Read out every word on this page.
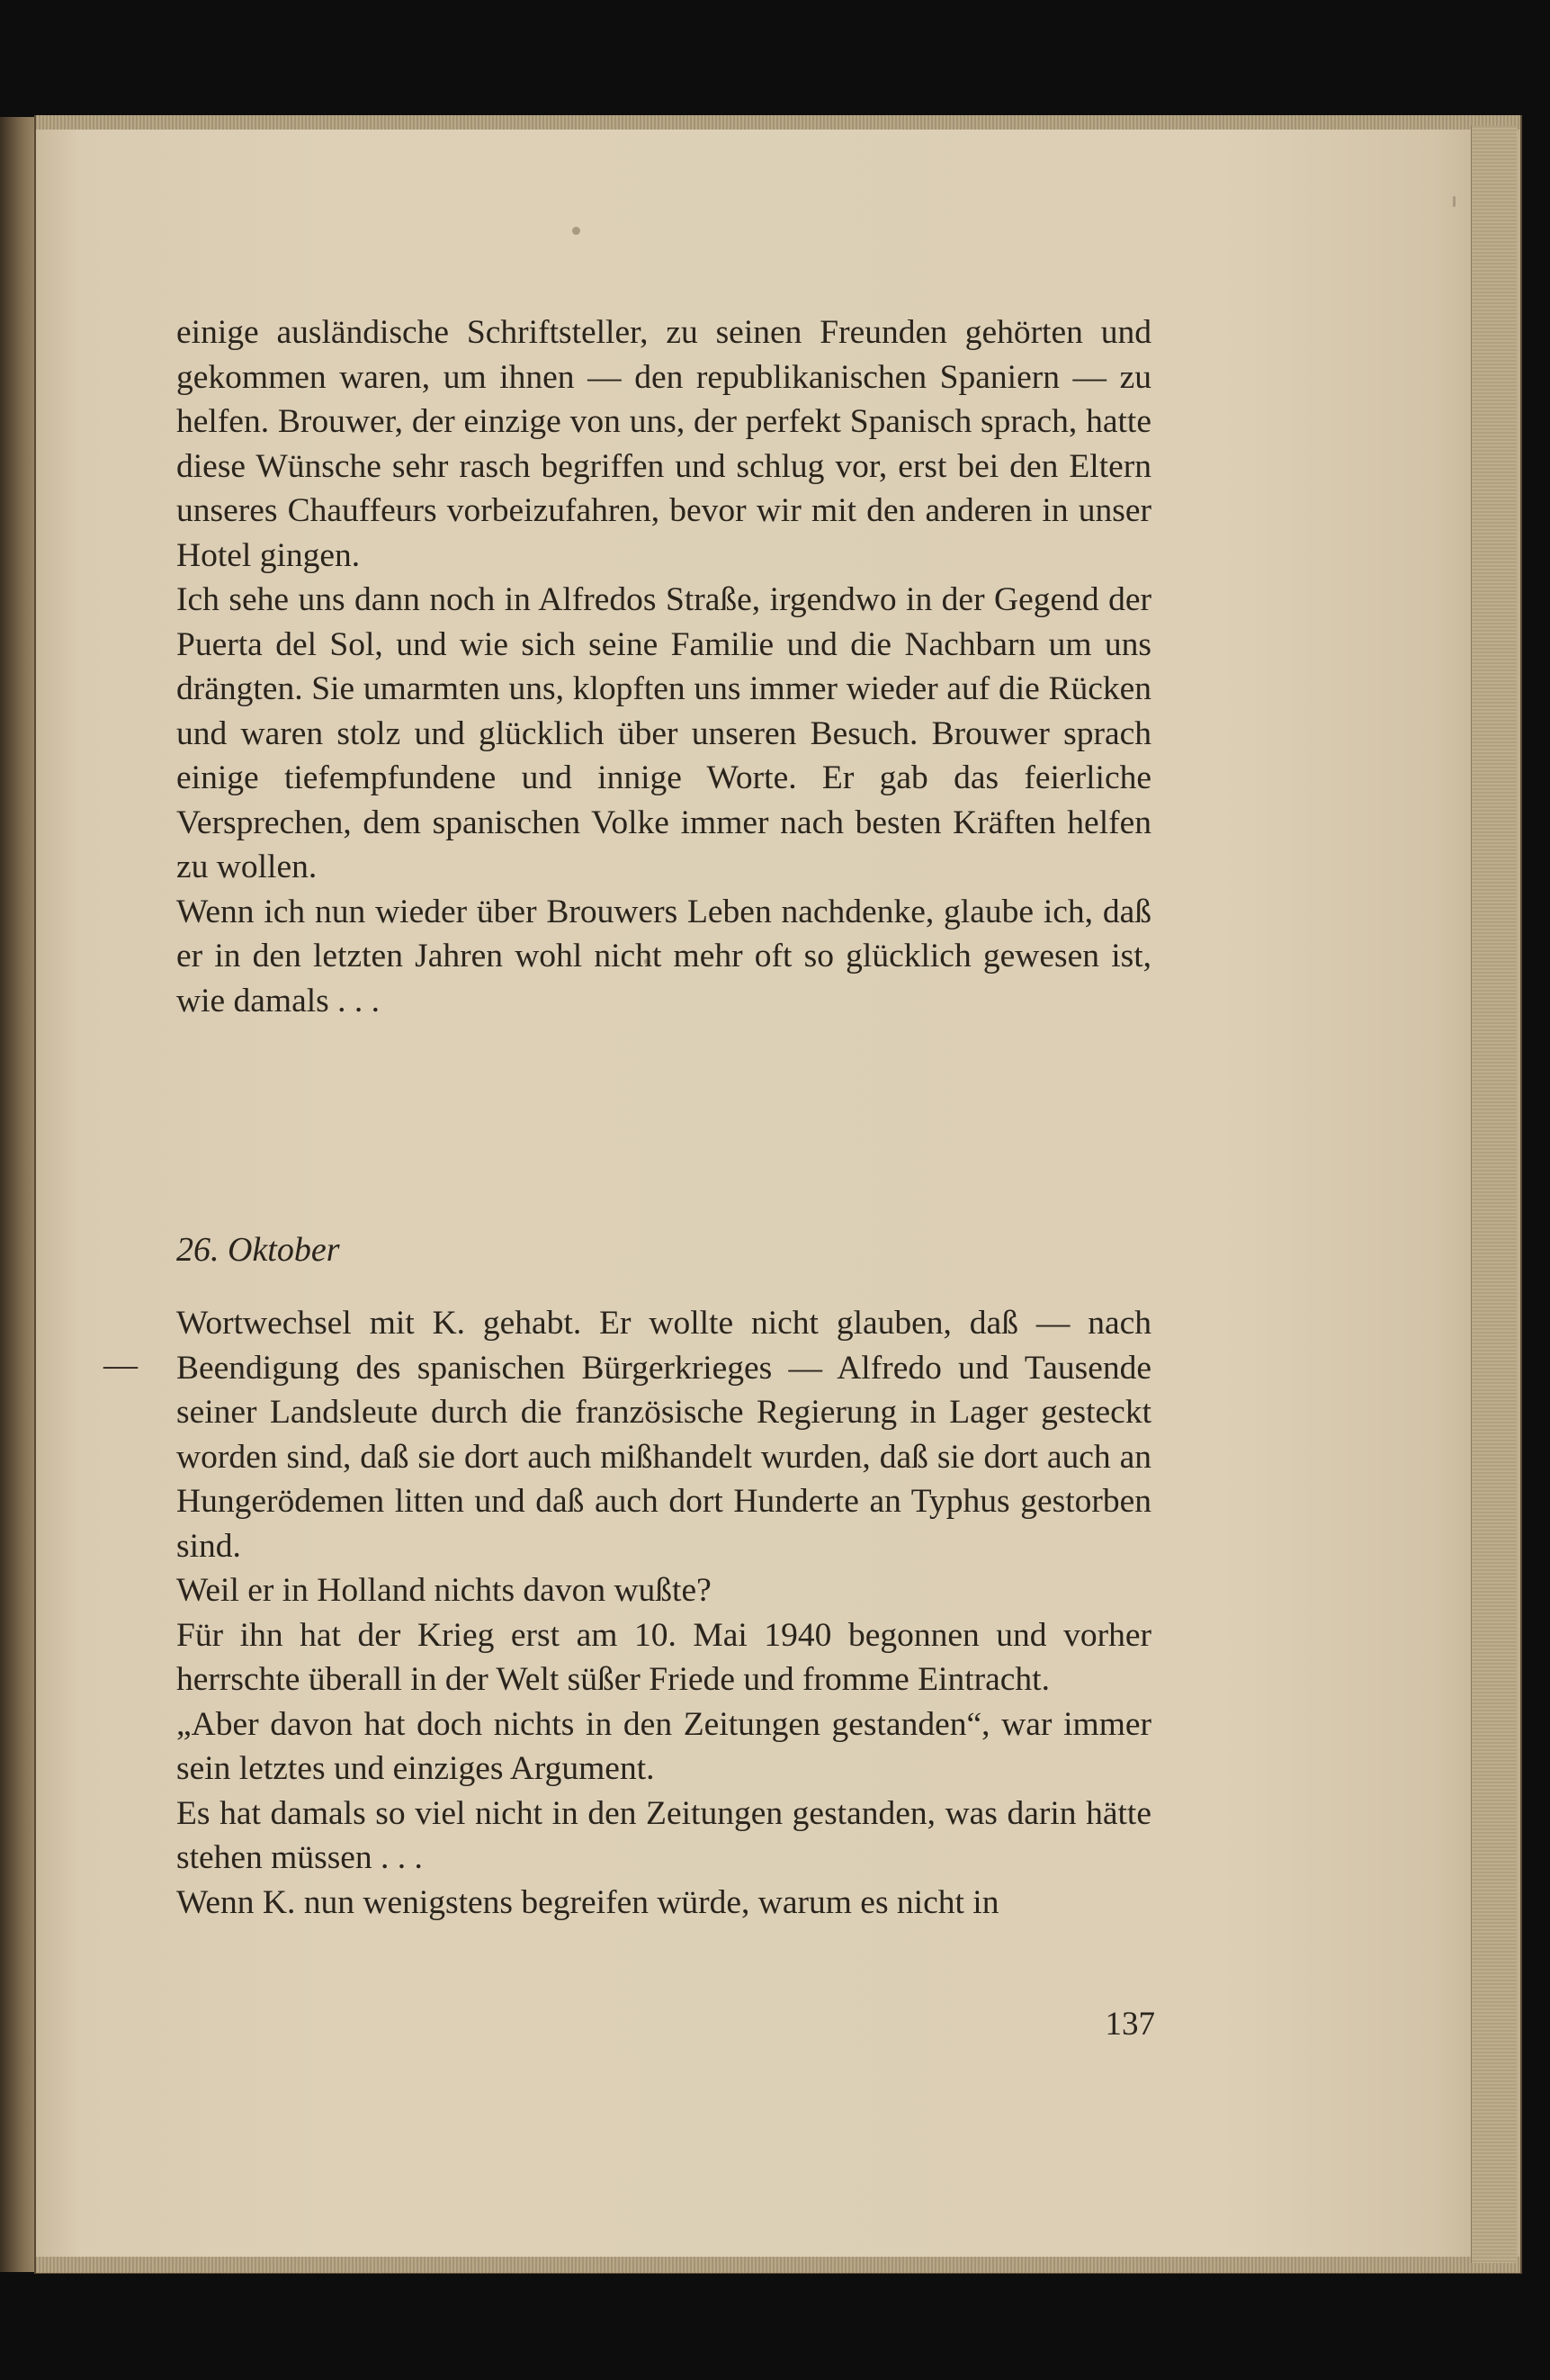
einige ausländische Schriftsteller, zu seinen Freunden gehörten und gekommen waren, um ihnen — den republikanischen Spaniern — zu helfen. Brouwer, der einzige von uns, der perfekt Spanisch sprach, hatte diese Wünsche sehr rasch begriffen und schlug vor, erst bei den Eltern unseres Chauffeurs vorbeizufahren, bevor wir mit den anderen in unser Hotel gingen.

Ich sehe uns dann noch in Alfredos Straße, irgendwo in der Gegend der Puerta del Sol, und wie sich seine Familie und die Nachbarn um uns drängten. Sie umarmten uns, klopften uns immer wieder auf die Rücken und waren stolz und glücklich über unseren Besuch. Brouwer sprach einige tiefempfundene und innige Worte. Er gab das feierliche Versprechen, dem spanischen Volke immer nach besten Kräften helfen zu wollen.

Wenn ich nun wieder über Brouwers Leben nachdenke, glaube ich, daß er in den letzten Jahren wohl nicht mehr oft so glücklich gewesen ist, wie damals . . .

26. Oktober
—

Wortwechsel mit K. gehabt. Er wollte nicht glauben, daß — nach Beendigung des spanischen Bürgerkrieges — Alfredo und Tausende seiner Landsleute durch die französische Regierung in Lager gesteckt worden sind, daß sie dort auch mißhandelt wurden, daß sie dort auch an Hungerödemen litten und daß auch dort Hunderte an Typhus gestorben sind.

Weil er in Holland nichts davon wußte?

Für ihn hat der Krieg erst am 10. Mai 1940 begonnen und vorher herrschte überall in der Welt süßer Friede und fromme Eintracht.

„Aber davon hat doch nichts in den Zeitungen gestanden“, war immer sein letztes und einziges Argument.

Es hat damals so viel nicht in den Zeitungen gestanden, was darin hätte stehen müssen . . .

Wenn K. nun wenigstens begreifen würde, warum es nicht in

137
